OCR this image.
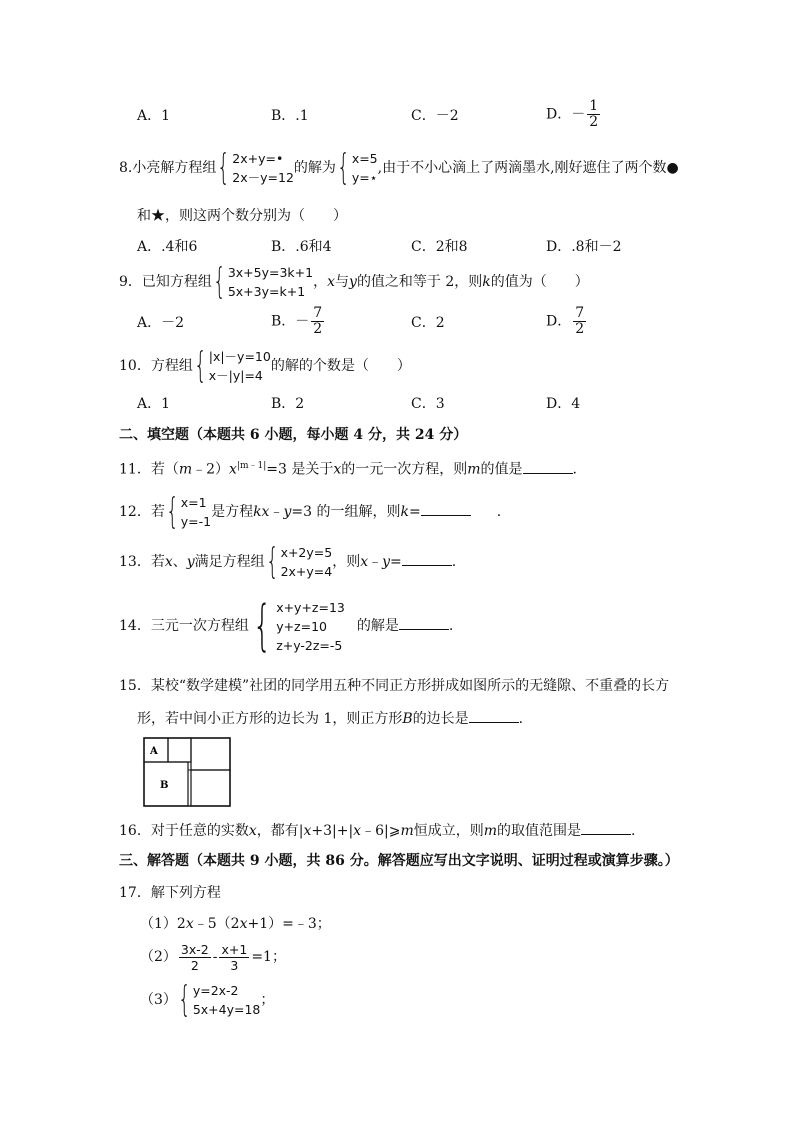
A．1	B．.1	C．－2	D．－ $\frac{1}{2}$
8.小亮解方程组 { 2x+y=•
2x－y=12
的解为 { x=5
y=⋆
,由于不小心滴上了两滴墨水,刚好遮住了两个数●
和★，则这两个数分别为（　　）
A．.4和6	B．.6和4	C．2和8	D．.8和－2
9．已知方程组 { 3x+5y=3k+1
5x+3y=k+1
，x与y的值之和等于 2，则k的值为（　　）
A．－2	B．－ $\frac{7}{2}$	C．2	D． $\frac{7}{2}$
10．方程组 { |x|－y=10
x－|y|=4
的解的个数是（　　）
A．1	B．2	C．3	D．4
二、填空题（本题共 6 小题，每小题 4 分，共 24 分）
11．若$(m﹣2)x^{|m﹣1|}=3$ 是关于x的一元一次方程，则m的值是	.
12．若 { x=1
y=-1
是方程kx﹣y=3 的一组解，则k=	.
13．若x、y满足方程组 { x+2y=5
2x+y=4
，则x﹣y=	.
14．三元一次方程组 { x+y+z=13
y+z=10
z+y-2z=-5
的解是	.
15．某校“数学建模”社团的同学用五种不同正方形拼成如图所示的无缝隙、不重叠的长方
形，若中间小正方形的边长为 1，则正方形B的边长是	.
A
B
16．对于任意的实数x，都有|x+3|+|x﹣6|⩾m恒成立，则m的取值范围是	.
三、解答题（本题共 9 小题，共 86 分。解答题应写出文字说明、证明过程或演算步骤。）
17．解下列方程
（1）2x﹣5（2x+1）=﹣3；
$(2) \frac{3x-2}{2} - \frac{x+1}{3} =1$；
（3） { y=2x-2
5x+4y=18
；
